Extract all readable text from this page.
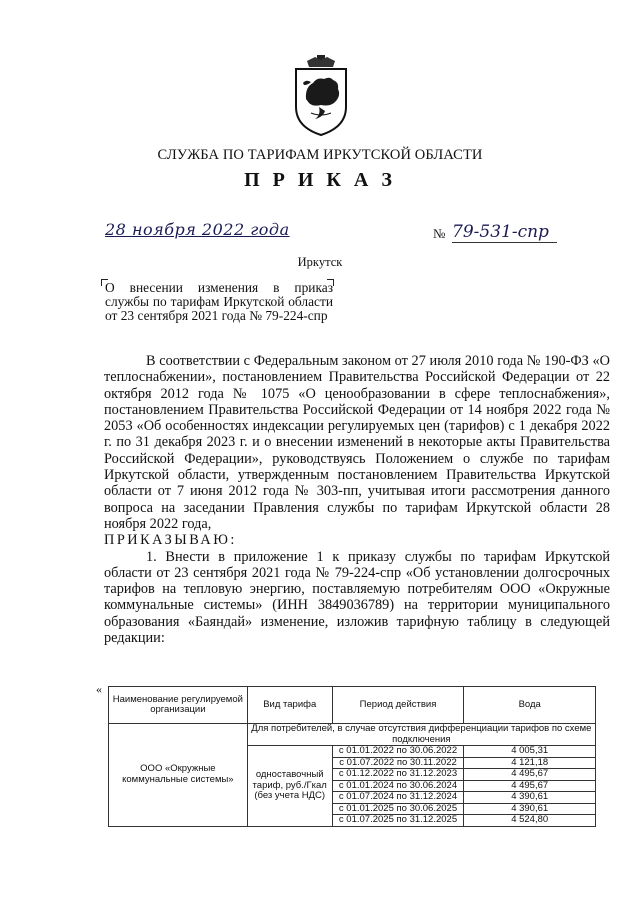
СЛУЖБА ПО ТАРИФАМ ИРКУТСКОЙ ОБЛАСТИ
П Р И К А З
28 ноября 2022 года	№ 79-531-спр
Иркутск
О внесении изменения в приказ службы по тарифам Иркутской области от 23 сентября 2021 года № 79-224-спр

В соответствии с Федеральным законом от 27 июля 2010 года № 190-ФЗ «О теплоснабжении», постановлением Правительства Российской Федерации от 22 октября 2012 года № 1075 «О ценообразовании в сфере теплоснабжения», постановлением Правительства Российской Федерации от 14 ноября 2022 года № 2053 «Об особенностях индексации регулируемых цен (тарифов) с 1 декабря 2022 г. по 31 декабря 2023 г. и о внесении изменений в некоторые акты Правительства Российской Федерации», руководствуясь Положением о службе по тарифам Иркутской области, утвержденным постановлением Правительства Иркутской области от 7 июня 2012 года № 303-пп, учитывая итоги рассмотрения данного вопроса на заседании Правления службы по тарифам Иркутской области 28 ноября 2022 года,

ПРИКАЗЫВАЮ:

1. Внести в приложение 1 к приказу службы по тарифам Иркутской области от 23 сентября 2021 года № 79-224-спр «Об установлении долгосрочных тарифов на тепловую энергию, поставляемую потребителям ООО «Окружные коммунальные системы» (ИНН 3849036789) на территории муниципального образования «Баяндай» изменение, изложив тарифную таблицу в следующей редакции:

«
Наименование регулируемой организации	Вид тарифа	Период действия	Вода
ООО «Окружные коммунальные системы»	Для потребителей, в случае отсутствия дифференциации тарифов по схеме подключения		
	одноставочный тариф, руб./Гкал (без учета НДС)	с 01.01.2022 по 30.06.2022	4 005,31
		с 01.07.2022 по 30.11.2022	4 121,18
		с 01.12.2022 по 31.12.2023	4 495,67
		с 01.01.2024 по 30.06.2024	4 495,67
		с 01.07.2024 по 31.12.2024	4 390,61
		с 01.01.2025 по 30.06.2025	4 390,61
		с 01.07.2025 по 31.12.2025	4 524,80
